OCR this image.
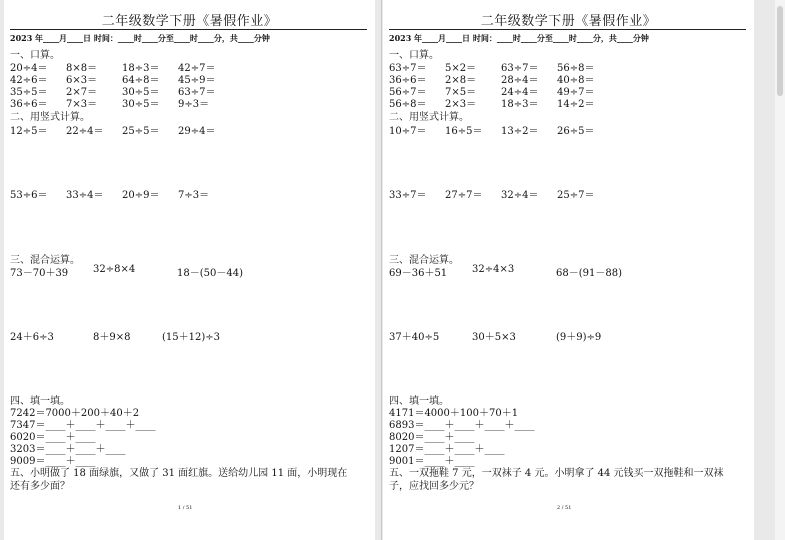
二年级数学下册《暑假作业》
2023 年____月____日 时间：____时____分至____时____分，共____分钟
一、口算。
20÷4＝ 8×8＝ 18÷3＝ 42÷7＝
42÷6＝ 6×3＝ 64÷8＝ 45÷9＝
35÷5＝ 2×7＝ 30÷5＝ 63÷7＝
36÷6＝ 7×3＝ 30÷5＝ 9÷3＝
二、用竖式计算。
12÷5＝ 22÷4＝ 25÷5＝ 29÷4＝
53÷6＝ 33÷4＝ 20÷9＝ 7÷3＝
三、混合运算。
73－70＋39 32÷8×4	18－(50－44)
24＋6÷3	8＋9×8	(15＋12)÷3
四、填一填。
7242＝7000＋200＋40＋2
7347＝____＋____＋____＋____
6020＝____＋____
3203＝____＋____＋____
9009＝____＋____
五、小明做了 18 面绿旗，又做了 31 面红旗。送给幼儿园 11 面，小明现在
还有多少面？
1 / 51
二年级数学下册《暑假作业》
2023 年____月____日 时间：____时____分至____时____分，共____分钟
一、口算。
63÷7＝ 5×2＝ 63÷7＝ 56÷8＝
36÷6＝ 2×8＝ 28÷4＝ 40÷8＝
56÷7＝ 7×5＝ 24÷4＝ 49÷7＝
56÷8＝ 2×3＝ 18÷3＝ 14÷2＝
二、用竖式计算。
10÷7＝ 16÷5＝ 13÷2＝ 26÷5＝
33÷7＝ 27÷7＝ 32÷4＝ 25÷7＝
三、混合运算。
69－36＋51 32÷4×3	68－(91－88)
37＋40÷5	30＋5×3	(9＋9)÷9
四、填一填。
4171＝4000＋100＋70＋1
6893＝____＋____＋____＋____
8020＝____＋____
1207＝____＋____＋____
9001＝____＋____
五、一双拖鞋 7 元，一双袜子 4 元。小明拿了 44 元钱买一双拖鞋和一双袜
子，应找回多少元？
2 / 51
